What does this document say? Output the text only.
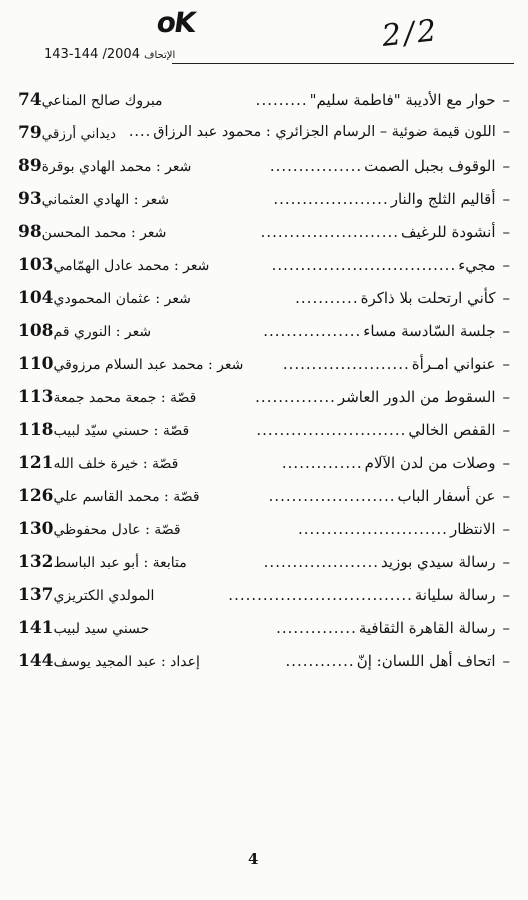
oK	2/2
الإتحاف 2004/ 144-143
–
حوار مع الأديبة "فاطمة سليم"
.........
مبروك صالح المناعي
74
–
اللون قيمة ضوئية – الرسام الجزائري : محمود عبد الرزاق
....
ديداني أرزقي
79
–
الوقوف بجبل الصمت
................
شعر : محمد الهادي بوقرة
89
–
أقاليم الثلج والنار
....................
شعر : الهادي العثماني
93
–
أنشودة للرغيف
........................
شعر : محمد المحسن
98
–
مجيء
................................
شعر : محمد عادل الهمّامي
103
–
كأني ارتحلت بلا ذاكرة
...........
شعر : عثمان المحمودي
104
–
جلسة السّادسة مساء
.................
شعر : النوري قم
108
–
عنواني امـرأة
......................
شعر : محمد عبد السلام مرزوقي
110
–
السقوط من الدور العاشر
..............
قصّة : جمعة محمد جمعة
113
–
القفص الخالي
..........................
قصّة : حسني سيّد لبيب
118
–
وصلات من لدن الآلام
..............
قصّة : خيرة خلف الله
121
–
عن أسفار الباب
......................
قصّة : محمد القاسم علي
126
–
الانتظار
..........................
قصّة : عادل محفوظي
130
–
رسالة سيدي بوزيد
....................
متابعة : أبو عبد الباسط
132
–
رسالة سليانة
................................
المولدي الكتريزي
137
–
رسالة القاهرة الثقافية
..............
حسني سيد لبيب
141
–
اتحاف أهل اللسان: إنّ
............
إعداد : عبد المجيد يوسف
144
4
